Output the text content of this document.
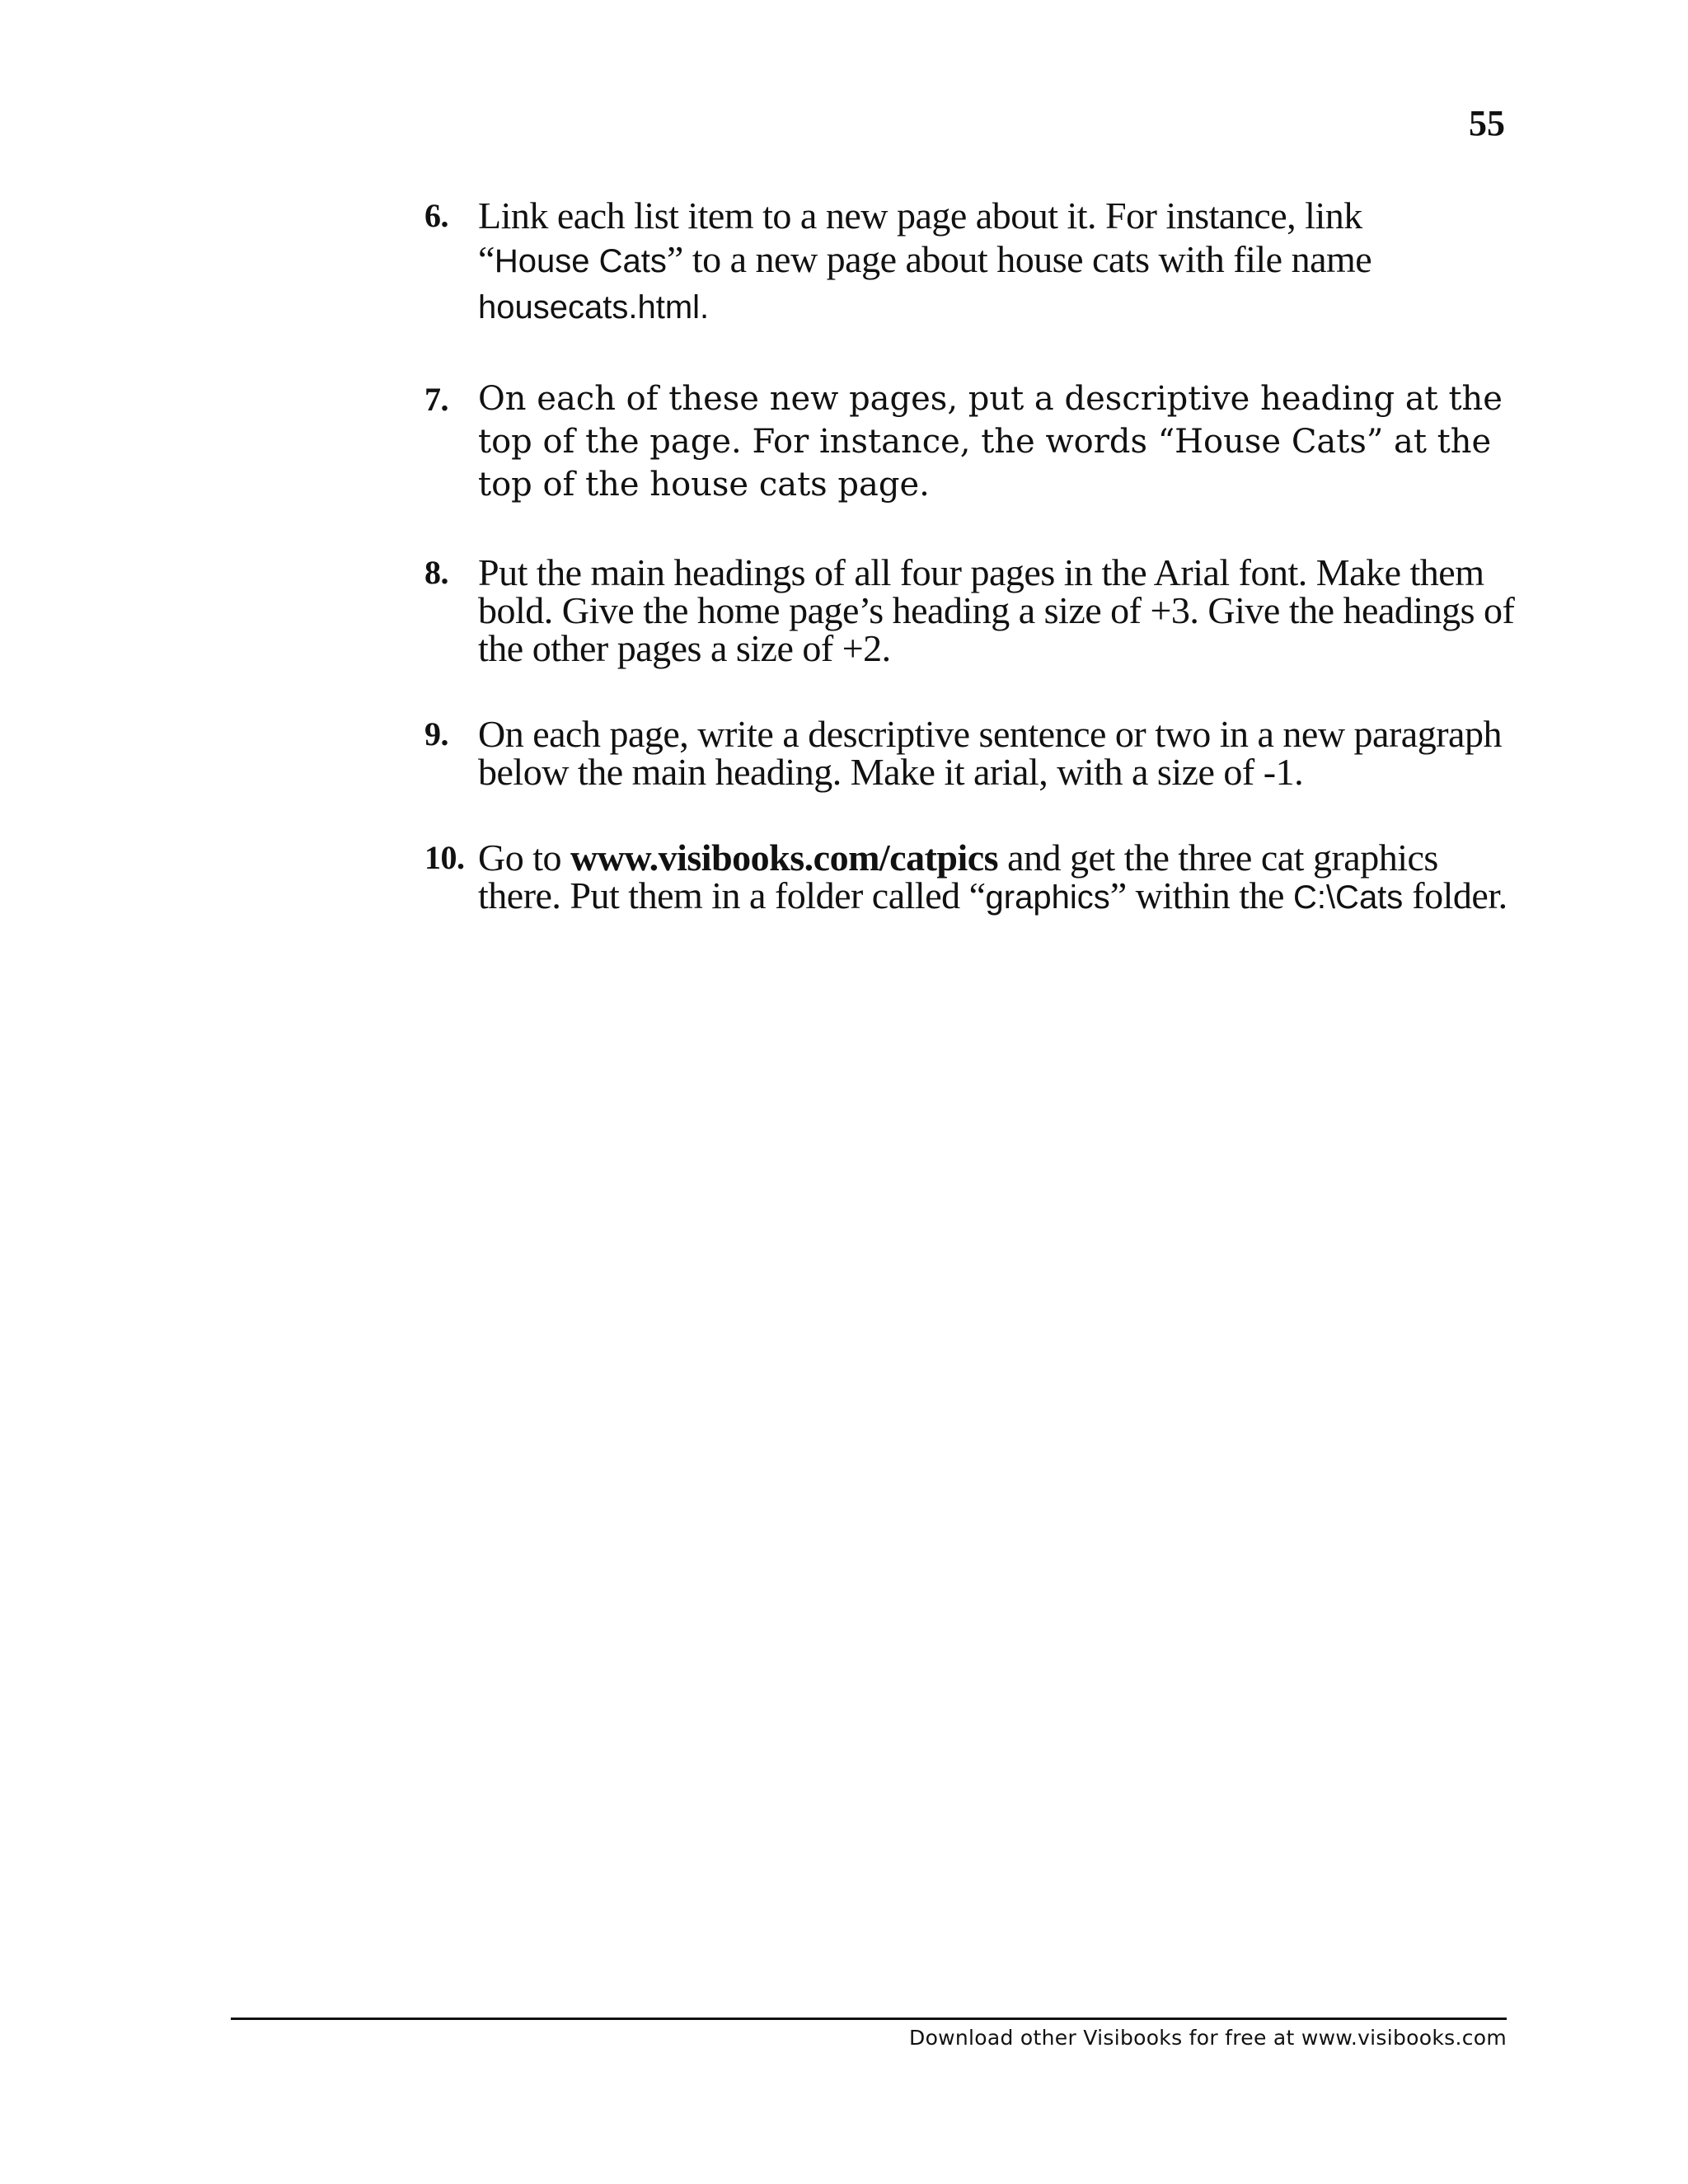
55
6. Link each list item to a new page about it. For instance, link
“House Cats” to a new page about house cats with file name
housecats.html.
7. On each of these new pages, put a descriptive heading at the top of the page. For instance, the words “House Cats” at the top of the house cats page.
8. Put the main headings of all four pages in the Arial font. Make them bold. Give the home page’s heading a size of +3. Give the headings of the other pages a size of +2.
9. On each page, write a descriptive sentence or two in a new paragraph below the main heading. Make it arial, with a size of -1.
10. Go to www.visibooks.com/catpics and get the three cat graphics there. Put them in a folder called “graphics” within the C:\Cats folder.
Download other Visibooks for free at www.visibooks.com
